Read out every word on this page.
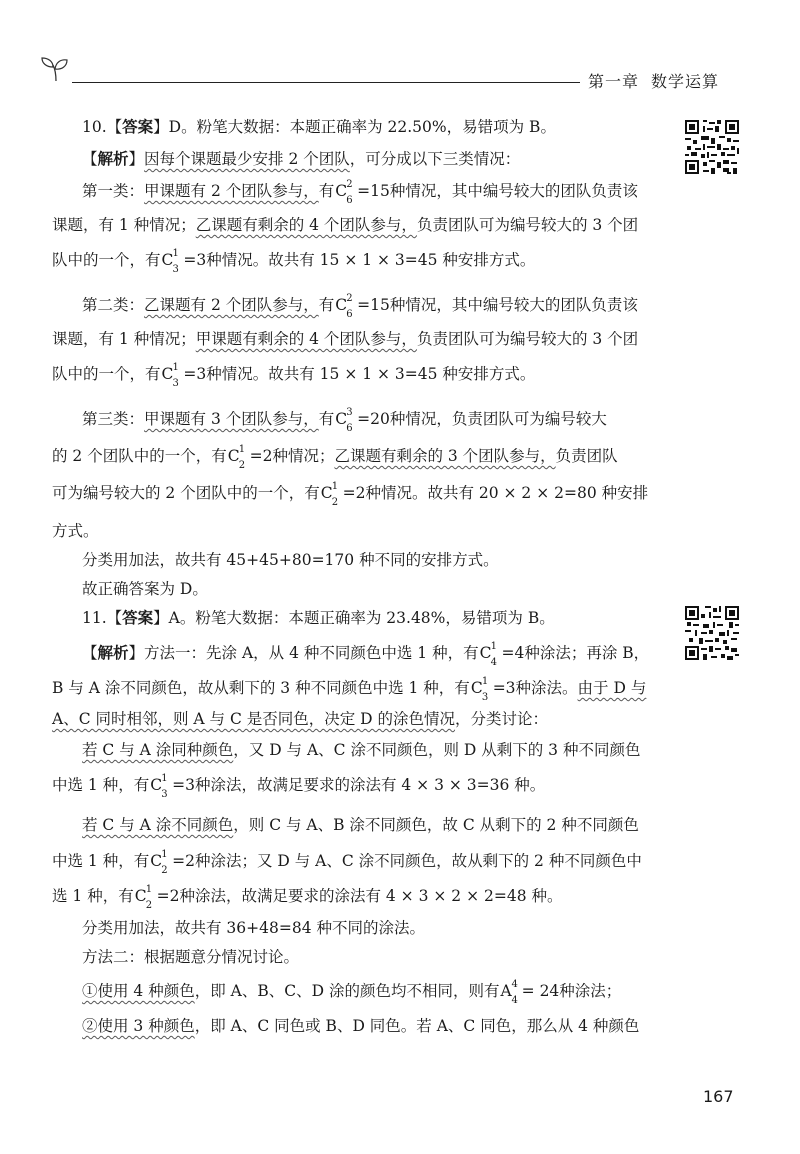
第一章 数学运算
10.【答案】D。粉笔大数据：本题正确率为 22.50%，易错项为 B。
【解析】因每个课题最少安排 2 个团队，可分成以下三类情况：
第一类：甲课题有 2 个团队参与，有C 2
6
=15种情况，其中编号较大的团队负责该
课题，有 1 种情况；乙课题有剩余的 4 个团队参与，负责团队可为编号较大的 3 个团
队中的一个，有C 1
3
=3种情况。故共有 15 × 1 × 3=45 种安排方式。
第二类：乙课题有 2 个团队参与，有C 2
6
=15种情况，其中编号较大的团队负责该
课题，有 1 种情况；甲课题有剩余的 4 个团队参与，负责团队可为编号较大的 3 个团
队中的一个，有C 1
3
=3种情况。故共有 15 × 1 × 3=45 种安排方式。
第三类：甲课题有 3 个团队参与，有C 3
6
=20种情况，负责团队可为编号较大
的 2 个团队中的一个，有C 1
2
=2种情况；乙课题有剩余的 3 个团队参与，负责团队
可为编号较大的 2 个团队中的一个，有C 1
2
=2种情况。故共有 20 × 2 × 2=80 种安排
方式。
分类用加法，故共有 45+45+80=170 种不同的安排方式。
故正确答案为 D。
11.【答案】A。粉笔大数据：本题正确率为 23.48%，易错项为 B。
【解析】方法一：先涂 A，从 4 种不同颜色中选 1 种，有C 1
4
=4种涂法；再涂 B，
B 与 A 涂不同颜色，故从剩下的 3 种不同颜色中选 1 种，有C 1
3
=3种涂法。由于 D 与
A、C 同时相邻，则 A 与 C 是否同色，决定 D 的涂色情况，分类讨论：
若 C 与 A 涂同种颜色，又 D 与 A、C 涂不同颜色，则 D 从剩下的 3 种不同颜色
中选 1 种，有C 1
3
=3种涂法，故满足要求的涂法有 4 × 3 × 3=36 种。
若 C 与 A 涂不同颜色，则 C 与 A、B 涂不同颜色，故 C 从剩下的 2 种不同颜色
中选 1 种，有C 1
2
=2种涂法；又 D 与 A、C 涂不同颜色，故从剩下的 2 种不同颜色中
选 1 种，有C 1
2
=2种涂法，故满足要求的涂法有 4 × 3 × 2 × 2=48 种。
分类用加法，故共有 36+48=84 种不同的涂法。
方法二：根据题意分情况讨论。
①使用 4 种颜色，即 A、B、C、D 涂的颜色均不相同，则有A 4
4
= 24种涂法；
②使用 3 种颜色，即 A、C 同色或 B、D 同色。若 A、C 同色，那么从 4 种颜色
167
